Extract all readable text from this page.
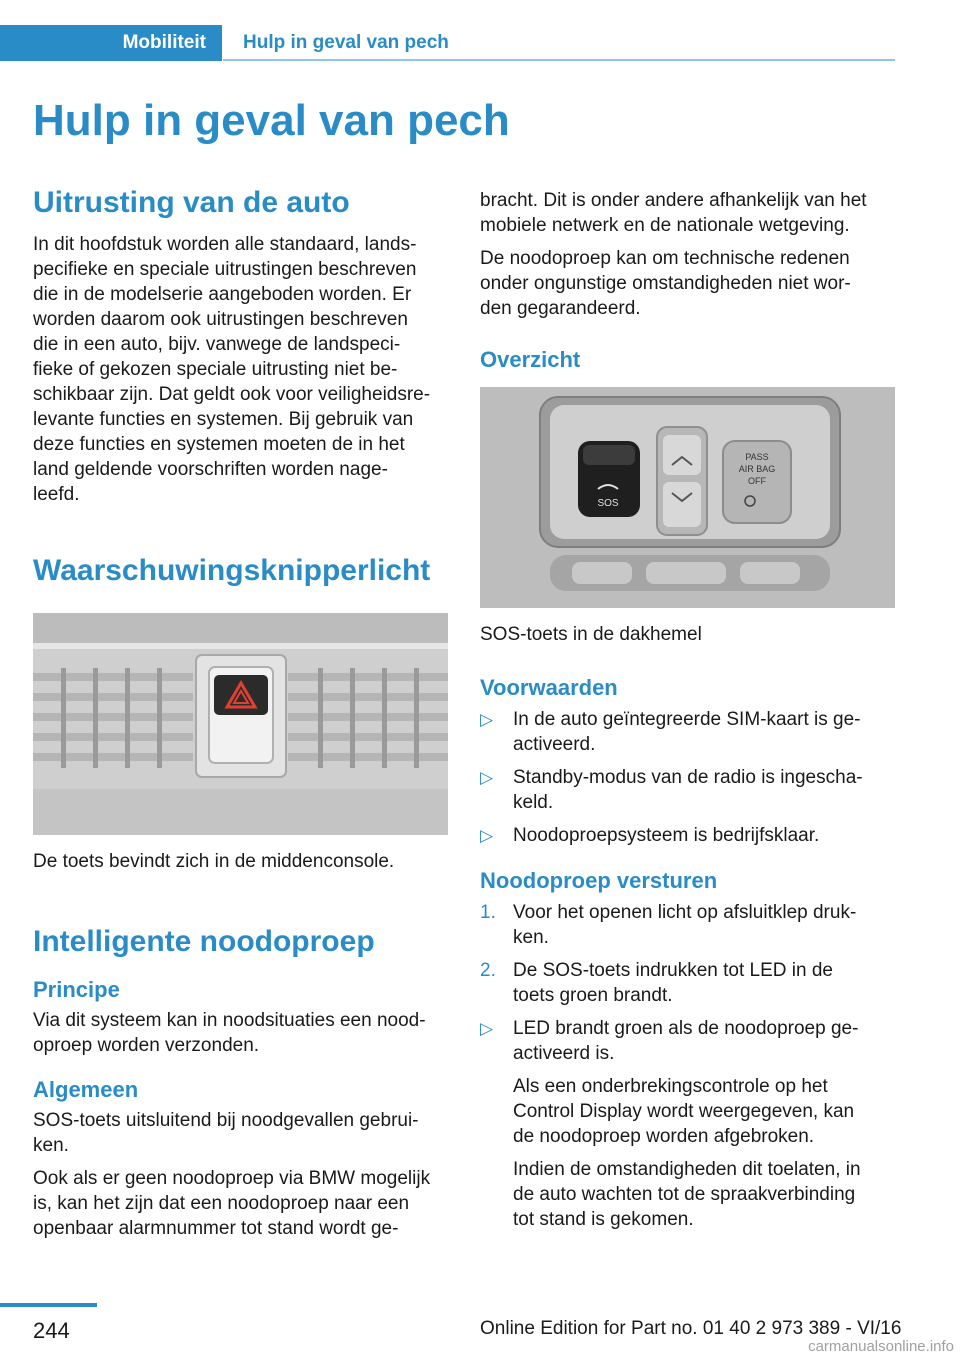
Mobiliteit	Hulp in geval van pech
Hulp in geval van pech
Uitrusting van de auto

In dit hoofdstuk worden alle standaard, lands-
pecifieke en speciale uitrustingen beschreven
die in de modelserie aangeboden worden. Er
worden daarom ook uitrustingen beschreven
die in een auto, bijv. vanwege de landspeci-
fieke of gekozen speciale uitrusting niet be-
schikbaar zijn. Dat geldt ook voor veiligheidsre-
levante functies en systemen. Bij gebruik van
deze functies en systemen moeten de in het
land geldende voorschriften worden nage-
leefd.

Waarschuwingsknipperlicht

De toets bevindt zich in de middenconsole.

Intelligente noodoproep
Principe

Via dit systeem kan in noodsituaties een nood-
oproep worden verzonden.

Algemeen

SOS-toets uitsluitend bij noodgevallen gebrui-
ken.

Ook als er geen noodoproep via BMW mogelijk
is, kan het zijn dat een noodoproep naar een
openbaar alarmnummer tot stand wordt ge-

bracht. Dit is onder andere afhankelijk van het
mobiele netwerk en de nationale wetgeving.

De noodoproep kan om technische redenen
onder ongunstige omstandigheden niet wor-
den gegarandeerd.

Overzicht
SOS
PASS
AIR BAG
OFF

SOS-toets in de dakhemel

Voorwaarden
▷ In de auto geïntegreerde SIM-kaart is ge-
activeerd.

▷ Standby-modus van de radio is ingescha-
keld.

▷ Noodoproepsysteem is bedrijfsklaar.

Noodoproep versturen
1. Voor het openen licht op afsluitklep druk-
ken.

2. De SOS-toets indrukken tot LED in de
toets groen brandt.

▷ LED brandt groen als de noodoproep ge-
activeerd is.

Als een onderbrekingscontrole op het
Control Display wordt weergegeven, kan
de noodoproep worden afgebroken.

Indien de omstandigheden dit toelaten, in
de auto wachten tot de spraakverbinding
tot stand is gekomen.

244	Online Edition for Part no. 01 40 2 973 389 - VI/16
carmanualsonline.info
